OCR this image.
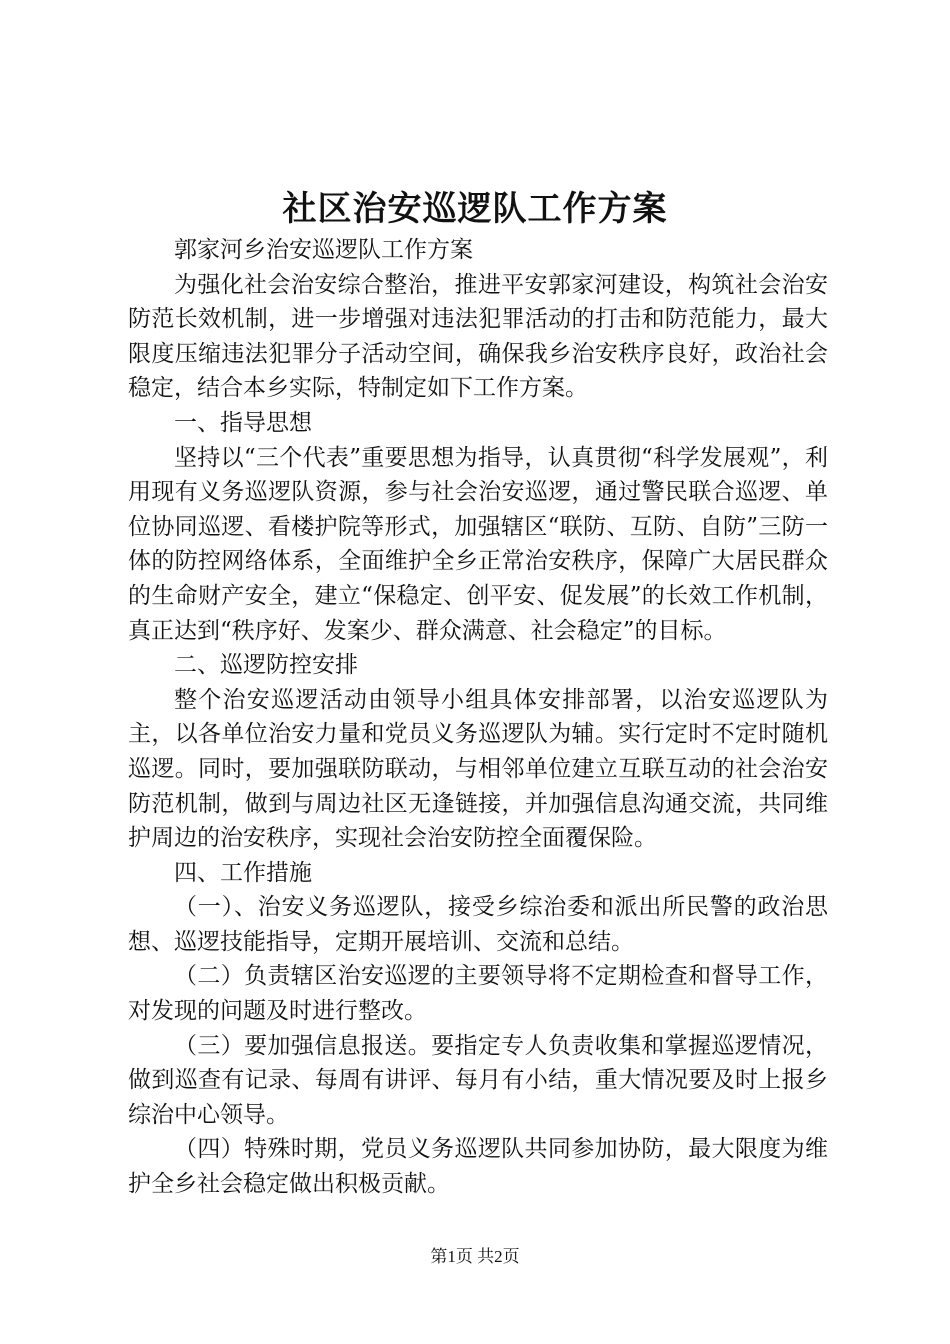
社区治安巡逻队工作方案

郭家河乡治安巡逻队工作方案

为强化社会治安综合整治，推进平安郭家河建设，构筑社会治安防范长效机制，进一步增强对违法犯罪活动的打击和防范能力，最大限度压缩违法犯罪分子活动空间，确保我乡治安秩序良好，政治社会稳定，结合本乡实际，特制定如下工作方案。

一、指导思想

坚持以“三个代表”重要思想为指导，认真贯彻“科学发展观”，利用现有义务巡逻队资源，参与社会治安巡逻，通过警民联合巡逻、单位协同巡逻、看楼护院等形式，加强辖区“联防、互防、自防”三防一体的防控网络体系，全面维护全乡正常治安秩序，保障广大居民群众的生命财产安全，建立“保稳定、创平安、促发展”的长效工作机制，真正达到“秩序好、发案少、群众满意、社会稳定”的目标。

二、巡逻防控安排

整个治安巡逻活动由领导小组具体安排部署，以治安巡逻队为主，以各单位治安力量和党员义务巡逻队为辅。实行定时不定时随机巡逻。同时，要加强联防联动，与相邻单位建立互联互动的社会治安防范机制，做到与周边社区无逢链接，并加强信息沟通交流，共同维护周边的治安秩序，实现社会治安防控全面覆保险。

四、工作措施

（一）、治安义务巡逻队，接受乡综治委和派出所民警的政治思想、巡逻技能指导，定期开展培训、交流和总结。

（二）负责辖区治安巡逻的主要领导将不定期检查和督导工作，对发现的问题及时进行整改。

（三）要加强信息报送。要指定专人负责收集和掌握巡逻情况，做到巡查有记录、每周有讲评、每月有小结，重大情况要及时上报乡综治中心领导。

（四）特殊时期，党员义务巡逻队共同参加协防，最大限度为维护全乡社会稳定做出积极贡献。

第1页 共2页
